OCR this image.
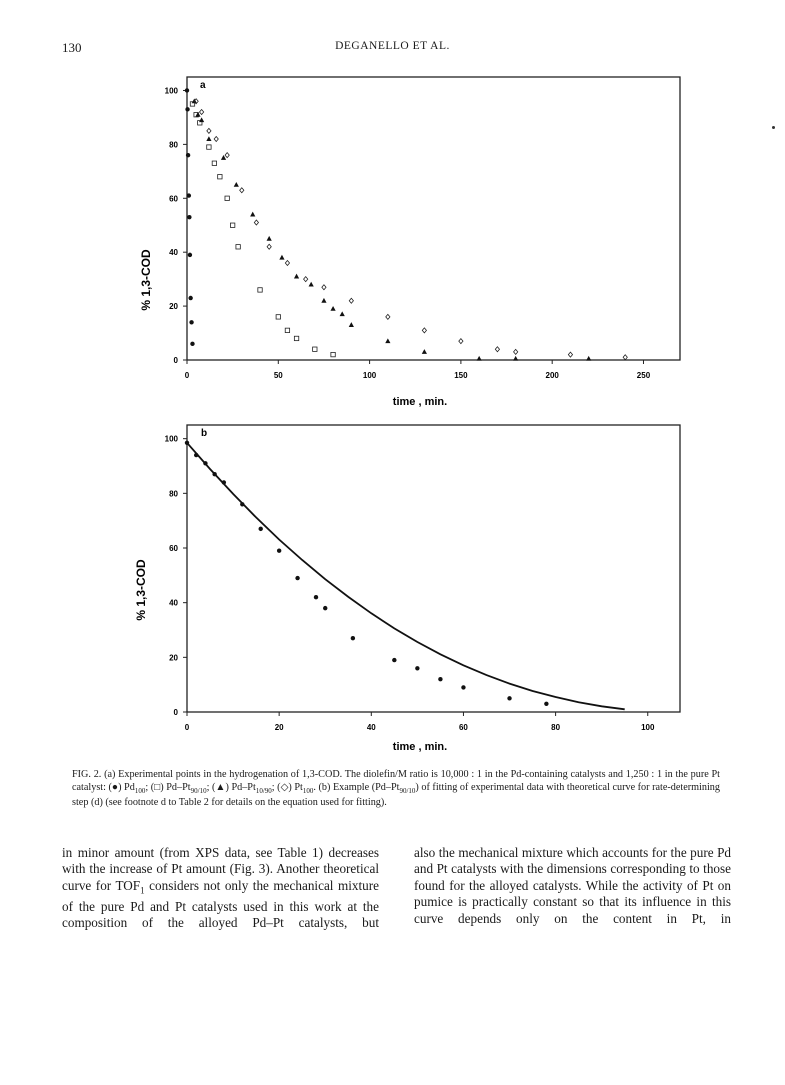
130	DEGANELLO ET AL.
a
% 1,3-COD
time , min.
0
20
40
60
80
100
0	50	100	150	200	250
b
% 1,3-COD
time , min.
0
20
40
60
80
100
0	20	40	60	80	100
FIG. 2. (a) Experimental points in the hydrogenation of 1,3-COD. The diolefin/M ratio is 10,000 : 1 in the Pd-containing catalysts and 1,250 : 1 in the pure Pt catalyst: (●) $Pd_{100}$; (□) $Pd-Pt_{90/10}$; (▲) $Pd-Pt_{10/90}$; (◇) $Pt_{100}$. (b) Example $(Pd-Pt_{90/10})$ of fitting of experimental data with theoretical curve for rate-determining step (d) (see footnote d to Table 2 for details on the equation used for fitting).
in minor amount (from XPS data, see Table 1) decreases with the increase of Pt amount (Fig. 3). Another theoretical curve for $TOF_1$ considers not only the mechanical mixture of the pure Pd and Pt catalysts used in this work at the composition of the alloyed Pd–Pt catalysts, but
also the mechanical mixture which accounts for the pure Pd and Pt catalysts with the dimensions corresponding to those found for the alloyed catalysts. While the activity of Pt on pumice is practically constant so that its influence in this curve depends only on the content in Pt, in
